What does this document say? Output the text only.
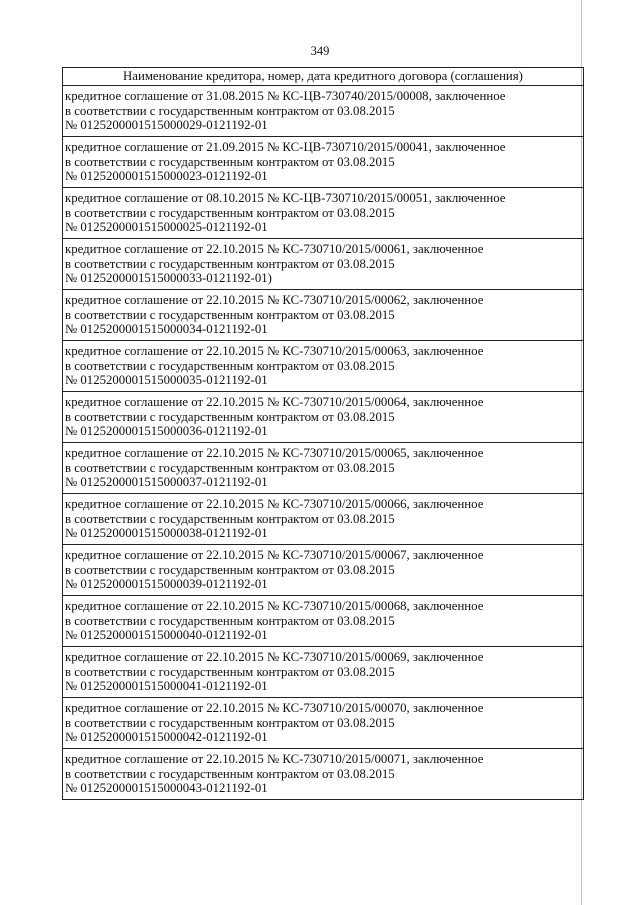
349
Наименование кредитора, номер, дата кредитного договора (соглашения)

кредитное соглашение от 31.08.2015 № КС-ЦВ-730740/2015/00008, заключенное
в соответствии с государственным контрактом от 03.08.2015
№ 0125200001515000029-0121192-01

кредитное соглашение от 21.09.2015 № КС-ЦВ-730710/2015/00041, заключенное
в соответствии с государственным контрактом от 03.08.2015
№ 0125200001515000023-0121192-01

кредитное соглашение от 08.10.2015 № КС-ЦВ-730710/2015/00051, заключенное
в соответствии с государственным контрактом от 03.08.2015
№ 0125200001515000025-0121192-01

кредитное соглашение от 22.10.2015 № КС-730710/2015/00061, заключенное
в соответствии с государственным контрактом от 03.08.2015
№ 0125200001515000033-0121192-01)

кредитное соглашение от 22.10.2015 № КС-730710/2015/00062, заключенное
в соответствии с государственным контрактом от 03.08.2015
№ 0125200001515000034-0121192-01

кредитное соглашение от 22.10.2015 № КС-730710/2015/00063, заключенное
в соответствии с государственным контрактом от 03.08.2015
№ 0125200001515000035-0121192-01

кредитное соглашение от 22.10.2015 № КС-730710/2015/00064, заключенное
в соответствии с государственным контрактом от 03.08.2015
№ 0125200001515000036-0121192-01

кредитное соглашение от 22.10.2015 № КС-730710/2015/00065, заключенное
в соответствии с государственным контрактом от 03.08.2015
№ 0125200001515000037-0121192-01

кредитное соглашение от 22.10.2015 № КС-730710/2015/00066, заключенное
в соответствии с государственным контрактом от 03.08.2015
№ 0125200001515000038-0121192-01

кредитное соглашение от 22.10.2015 № КС-730710/2015/00067, заключенное
в соответствии с государственным контрактом от 03.08.2015
№ 0125200001515000039-0121192-01

кредитное соглашение от 22.10.2015 № КС-730710/2015/00068, заключенное
в соответствии с государственным контрактом от 03.08.2015
№ 0125200001515000040-0121192-01

кредитное соглашение от 22.10.2015 № КС-730710/2015/00069, заключенное
в соответствии с государственным контрактом от 03.08.2015
№ 0125200001515000041-0121192-01

кредитное соглашение от 22.10.2015 № КС-730710/2015/00070, заключенное
в соответствии с государственным контрактом от 03.08.2015
№ 0125200001515000042-0121192-01

кредитное соглашение от 22.10.2015 № КС-730710/2015/00071, заключенное
в соответствии с государственным контрактом от 03.08.2015
№ 0125200001515000043-0121192-01
